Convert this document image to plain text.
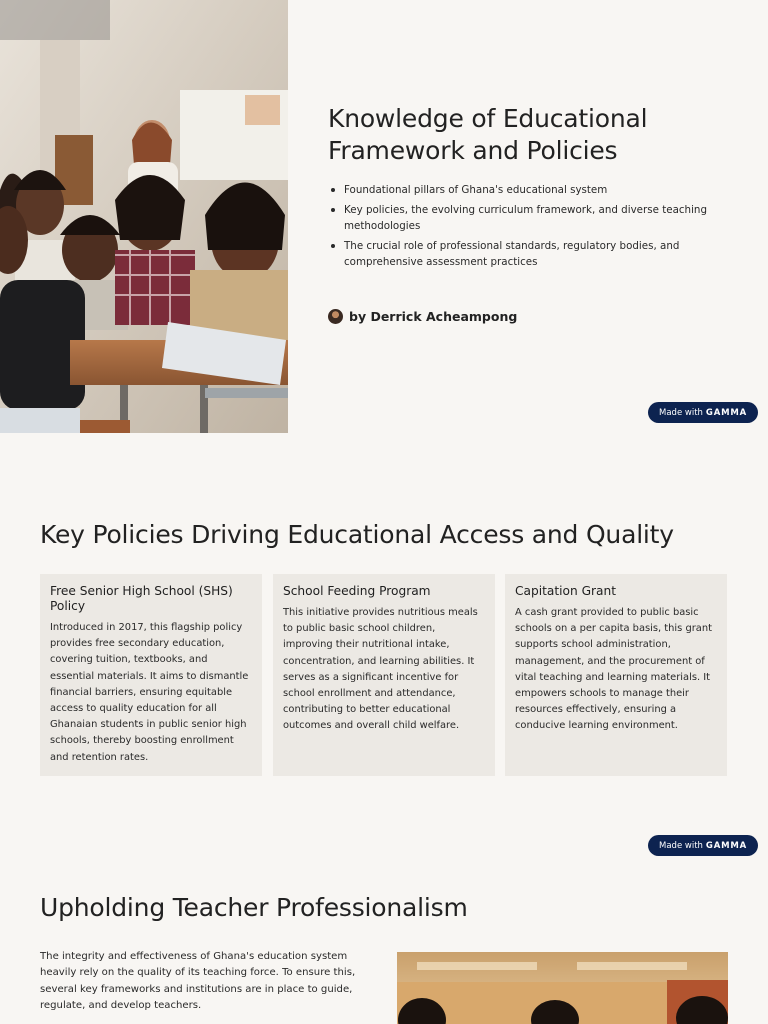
Knowledge of Educational Framework and Policies
Foundational pillars of Ghana's educational system
Key policies, the evolving curriculum framework, and diverse teaching methodologies
The crucial role of professional standards, regulatory bodies, and comprehensive assessment practices
by Derrick Acheampong
Made with GAMMA
Key Policies Driving Educational Access and Quality
Free Senior High School (SHS) Policy

Introduced in 2017, this flagship policy provides free secondary education, covering tuition, textbooks, and essential materials. It aims to dismantle financial barriers, ensuring equitable access to quality education for all Ghanaian students in public senior high schools, thereby boosting enrollment and retention rates.

School Feeding Program

This initiative provides nutritious meals to public basic school children, improving their nutritional intake, concentration, and learning abilities. It serves as a significant incentive for school enrollment and attendance, contributing to better educational outcomes and overall child welfare.

Capitation Grant

A cash grant provided to public basic schools on a per capita basis, this grant supports school administration, management, and the procurement of vital teaching and learning materials. It empowers schools to manage their resources effectively, ensuring a conducive learning environment.

Made with GAMMA
Upholding Teacher Professionalism

The integrity and effectiveness of Ghana's education system heavily rely on the quality of its teaching force. To ensure this, several key frameworks and institutions are in place to guide, regulate, and develop teachers.
